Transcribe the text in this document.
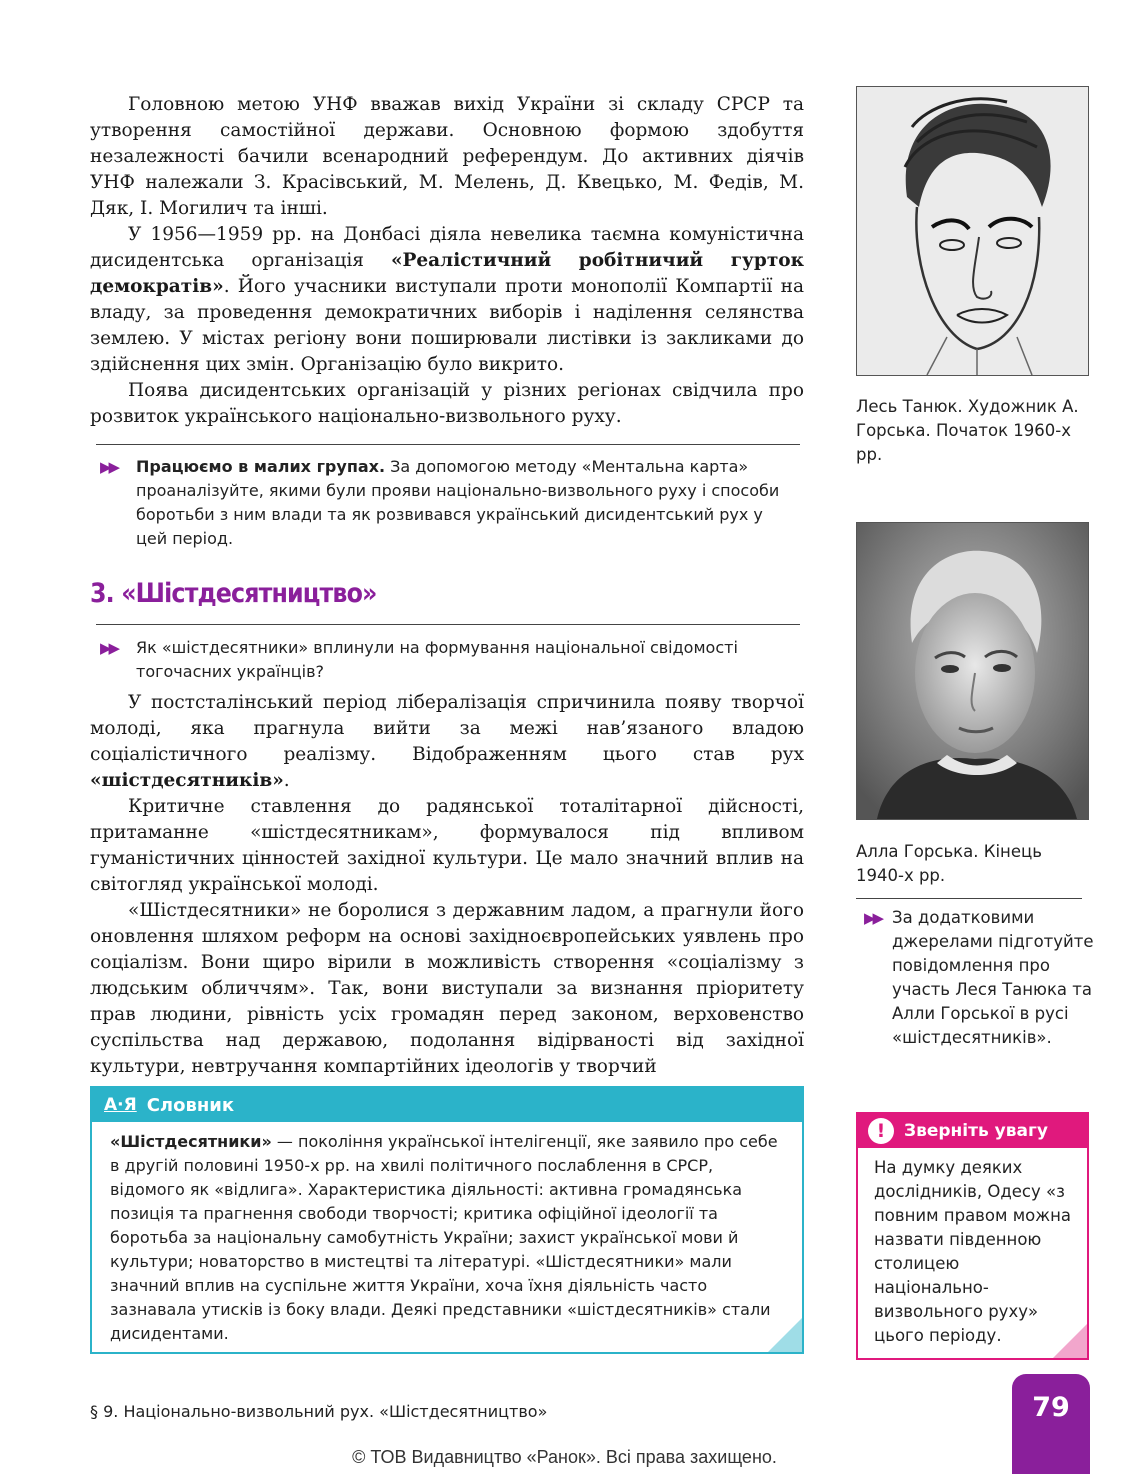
Головною метою УНФ вважав вихід України зі складу СРСР та утворення самостійної держави. Основною формою здобуття незалежності бачили всенародний референдум. До активних діячів УНФ належали З. Красівський, М. Мелень, Д. Квецько, М. Федів, М. Дяк, І. Могилич та інші.

У 1956—1959 рр. на Донбасі діяла невелика таємна комуністична дисидентська організація «Реалістичний робітничий гурток демократів». Його учасники виступали проти монополії Компартії на владу, за проведення демократичних виборів і наділення селянства землею. У містах регіону вони поширювали листівки із закликами до здійснення цих змін. Організацію було викрито.

Поява дисидентських організацій у різних регіонах свідчила про розвиток українського національно-визвольного руху.

▶▶ Працюємо в малих групах. За допомогою методу «Ментальна карта» проаналізуйте, якими були прояви національно-визвольного руху і способи боротьби з ним влади та як розвивався український дисидентський рух у цей період.
3. «Шістдесятництво»
▶▶ Як «шістдесятники» вплинули на формування національної свідомості тогочасних українців?

У постсталінський період лібералізація спричинила появу творчої молоді, яка прагнула вийти за межі нав’язаного владою соціалістичного реалізму. Відображенням цього став рух «шістдесятників».

Критичне ставлення до радянської тоталітарної дійсності, притаманне «шістдесятникам», формувалося під впливом гуманістичних цінностей західної культури. Це мало значний вплив на світогляд української молоді.

«Шістдесятники» не боролися з державним ладом, а прагнули його оновлення шляхом реформ на основі західноєвропейських уявлень про соціалізм. Вони щиро вірили в можливість створення «соціалізму з людським обличчям». Так, вони виступали за визнання пріоритету прав людини, рівність усіх громадян перед законом, верховенство суспільства над державою, подолання відірваності від західної культури, невтручання компартійних ідеологів у творчий

Лесь Танюк. Художник А. Горська. Початок 1960-х рр.
Алла Горська. Кінець 1940-х рр.
▶▶ За додатковими джерелами підготуйте повідомлення про участь Леся Танюка та Алли Горської в русі «шістдесятників».
А·Я Словник
«Шістдесятники» — покоління української інтелігенції, яке заявило про себе в другій половині 1950-х рр. на хвилі політичного послаблення в СРСР, відомого як «відлига». Характеристика діяльності: активна громадянська позиція та прагнення свободи творчості; критика офіційної ідеології та боротьба за національну самобутність України; захист української мови й культури; новаторство в мистецтві та літературі. «Шістдесятники» мали значний вплив на суспільне життя України, хоча їхня діяльність часто зазнавала утисків із боку влади. Деякі представники «шістдесятників» стали дисидентами.
!	Зверніть увагу
На думку деяких дослідників, Одесу «з повним правом можна назвати південною столицею національно-визвольного руху» цього періоду.
§ 9. Національно-визвольний рух. «Шістдесятництво»	79
© ТОВ Видавництво «Ранок». Всі права захищено.
